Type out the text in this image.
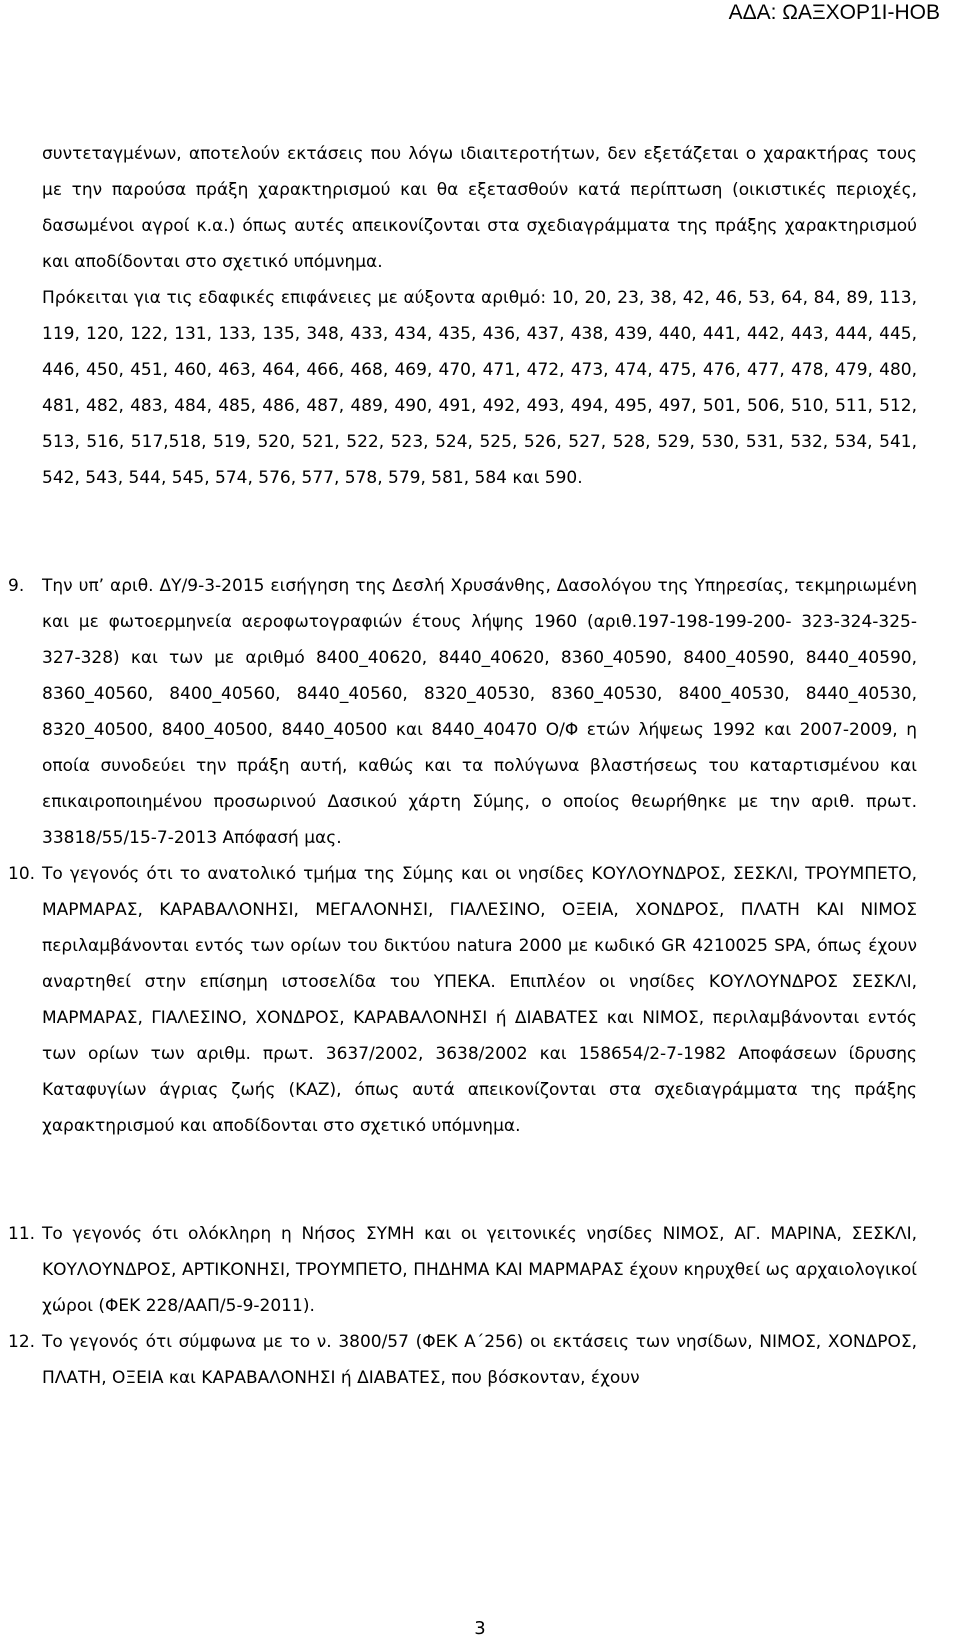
ΑΔΑ: ΩΑΞΧΟΡ1Ι-ΗΟΒ

συντεταγμένων, αποτελούν εκτάσεις που λόγω ιδιαιτεροτήτων, δεν εξετάζεται ο χαρακτήρας τους με την παρούσα πράξη χαρακτηρισμού και θα εξετασθούν κατά περίπτωση (οικιστικές περιοχές, δασωμένοι αγροί κ.α.) όπως αυτές απεικονίζονται στα σχεδιαγράμματα της πράξης χαρακτηρισμού και αποδίδονται στο σχετικό υπόμνημα.

Πρόκειται για τις εδαφικές επιφάνειες με αύξοντα αριθμό: 10, 20, 23, 38, 42, 46, 53, 64, 84, 89, 113, 119, 120, 122, 131, 133, 135, 348, 433, 434, 435, 436, 437, 438, 439, 440, 441, 442, 443, 444, 445, 446, 450, 451, 460, 463, 464, 466, 468, 469, 470, 471, 472, 473, 474, 475, 476, 477, 478, 479, 480, 481, 482, 483, 484, 485, 486, 487, 489, 490, 491, 492, 493, 494, 495, 497, 501, 506, 510, 511, 512, 513, 516, 517,518, 519, 520, 521, 522, 523, 524, 525, 526, 527, 528, 529, 530, 531, 532, 534, 541, 542, 543, 544, 545, 574, 576, 577, 578, 579, 581, 584 και 590.

9. Την υπ’ αριθ. ΔΥ/9-3-2015 εισήγηση της Δεσλή Χρυσάνθης, Δασολόγου της Υπηρεσίας, τεκμηριωμένη και με φωτοερμηνεία αεροφωτογραφιών έτους λήψης 1960 (αριθ.197-198-199-200- 323-324-325-327-328) και των με αριθμό 8400_40620, 8440_40620, 8360_40590, 8400_40590, 8440_40590, 8360_40560, 8400_40560, 8440_40560, 8320_40530, 8360_40530, 8400_40530, 8440_40530, 8320_40500, 8400_40500, 8440_40500 και 8440_40470 Ο/Φ ετών λήψεως 1992 και 2007-2009, η οποία συνοδεύει την πράξη αυτή, καθώς και τα πολύγωνα βλαστήσεως του καταρτισμένου και επικαιροποιημένου προσωρινού Δασικού χάρτη Σύμης, ο οποίος θεωρήθηκε με την αριθ. πρωτ. 33818/55/15-7-2013 Απόφασή μας.

10. Το γεγονός ότι το ανατολικό τμήμα της Σύμης και οι νησίδες ΚΟΥΛΟΥΝΔΡΟΣ, ΣΕΣΚΛΙ, ΤΡΟΥΜΠΕΤΟ, ΜΑΡΜΑΡΑΣ, ΚΑΡΑΒΑΛΟΝΗΣΙ, ΜΕΓΑΛΟΝΗΣΙ, ΓΙΑΛΕΣΙΝΟ, ΟΞΕΙΑ, ΧΟΝΔΡΟΣ, ΠΛΑΤΗ ΚΑΙ ΝΙΜΟΣ περιλαμβάνονται εντός των ορίων του δικτύου natura 2000 με κωδικό GR 4210025 SPA, όπως έχουν αναρτηθεί στην επίσημη ιστοσελίδα του ΥΠΕΚΑ. Επιπλέον οι νησίδες ΚΟΥΛΟΥΝΔΡΟΣ ΣΕΣΚΛΙ, ΜΑΡΜΑΡΑΣ, ΓΙΑΛΕΣΙΝΟ, ΧΟΝΔΡΟΣ, ΚΑΡΑΒΑΛΟΝΗΣΙ ή ΔΙΑΒΑΤΕΣ και ΝΙΜΟΣ, περιλαμβάνονται εντός των ορίων των αριθμ. πρωτ. 3637/2002, 3638/2002 και 158654/2-7-1982 Αποφάσεων ίδρυσης Καταφυγίων άγριας ζωής (ΚΑΖ), όπως αυτά απεικονίζονται στα σχεδιαγράμματα της πράξης χαρακτηρισμού και αποδίδονται στο σχετικό υπόμνημα.

11. Το γεγονός ότι ολόκληρη η Νήσος ΣΥΜΗ και οι γειτονικές νησίδες ΝΙΜΟΣ, ΑΓ. ΜΑΡΙΝΑ, ΣΕΣΚΛΙ, ΚΟΥΛΟΥΝΔΡΟΣ, ΑΡΤΙΚΟΝΗΣΙ, ΤΡΟΥΜΠΕΤΟ, ΠΗΔΗΜΑ ΚΑΙ ΜΑΡΜΑΡΑΣ έχουν κηρυχθεί ως αρχαιολογικοί χώροι (ΦΕΚ 228/ΑΑΠ/5-9-2011).

12. Το γεγονός ότι σύμφωνα με το ν. 3800/57 (ΦΕΚ Α΄256) οι εκτάσεις των νησίδων, ΝΙΜΟΣ, ΧΟΝΔΡΟΣ, ΠΛΑΤΗ, ΟΞΕΙΑ και ΚΑΡΑΒΑΛΟΝΗΣΙ ή ΔΙΑΒΑΤΕΣ, που βόσκονταν, έχουν

3
